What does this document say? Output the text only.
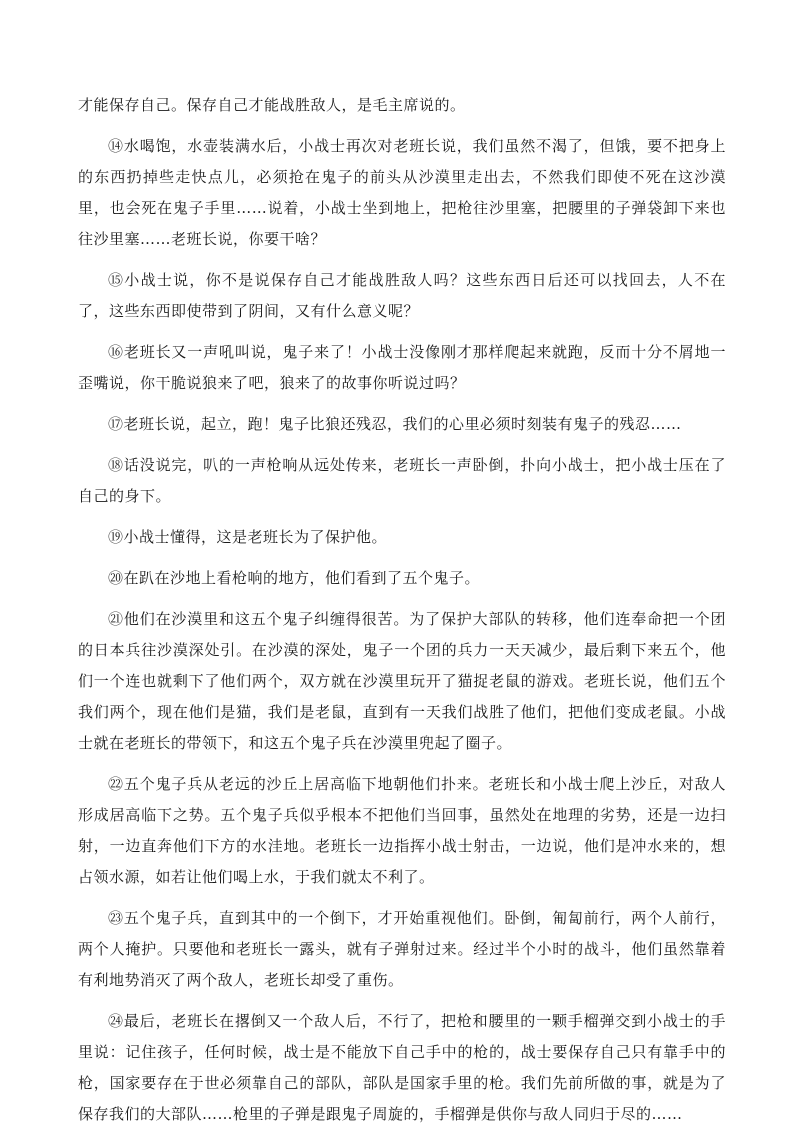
才能保存自己。保存自己才能战胜敌人，是毛主席说的。

⑭水喝饱，水壶装满水后，小战士再次对老班长说，我们虽然不渴了，但饿，要不把身上的东西扔掉些走快点儿，必须抢在鬼子的前头从沙漠里走出去，不然我们即使不死在这沙漠里，也会死在鬼子手里……说着，小战士坐到地上，把枪往沙里塞，把腰里的子弹袋卸下来也往沙里塞……老班长说，你要干啥？

⑮小战士说，你不是说保存自己才能战胜敌人吗？这些东西日后还可以找回去，人不在了，这些东西即使带到了阴间，又有什么意义呢？

⑯老班长又一声吼叫说，鬼子来了！小战士没像刚才那样爬起来就跑，反而十分不屑地一歪嘴说，你干脆说狼来了吧，狼来了的故事你听说过吗？

⑰老班长说，起立，跑！鬼子比狼还残忍，我们的心里必须时刻装有鬼子的残忍……

⑱话没说完，叭的一声枪响从远处传来，老班长一声卧倒，扑向小战士，把小战士压在了自己的身下。

⑲小战士懂得，这是老班长为了保护他。

⑳在趴在沙地上看枪响的地方，他们看到了五个鬼子。

㉑他们在沙漠里和这五个鬼子纠缠得很苦。为了保护大部队的转移，他们连奉命把一个团的日本兵往沙漠深处引。在沙漠的深处，鬼子一个团的兵力一天天减少，最后剩下来五个，他们一个连也就剩下了他们两个，双方就在沙漠里玩开了猫捉老鼠的游戏。老班长说，他们五个我们两个，现在他们是猫，我们是老鼠，直到有一天我们战胜了他们，把他们变成老鼠。小战士就在老班长的带领下，和这五个鬼子兵在沙漠里兜起了圈子。

㉒五个鬼子兵从老远的沙丘上居高临下地朝他们扑来。老班长和小战士爬上沙丘，对敌人形成居高临下之势。五个鬼子兵似乎根本不把他们当回事，虽然处在地理的劣势，还是一边扫射，一边直奔他们下方的水洼地。老班长一边指挥小战士射击，一边说，他们是冲水来的，想占领水源，如若让他们喝上水，于我们就太不利了。

㉓五个鬼子兵，直到其中的一个倒下，才开始重视他们。卧倒，匍匐前行，两个人前行，两个人掩护。只要他和老班长一露头，就有子弹射过来。经过半个小时的战斗，他们虽然靠着有利地势消灭了两个敌人，老班长却受了重伤。

㉔最后，老班长在撂倒又一个敌人后，不行了，把枪和腰里的一颗手榴弹交到小战士的手里说：记住孩子，任何时候，战士是不能放下自己手中的枪的，战士要保存自己只有靠手中的枪，国家要存在于世必须靠自己的部队，部队是国家手里的枪。我们先前所做的事，就是为了保存我们的大部队……枪里的子弹是跟鬼子周旋的，手榴弹是供你与敌人同归于尽的……
